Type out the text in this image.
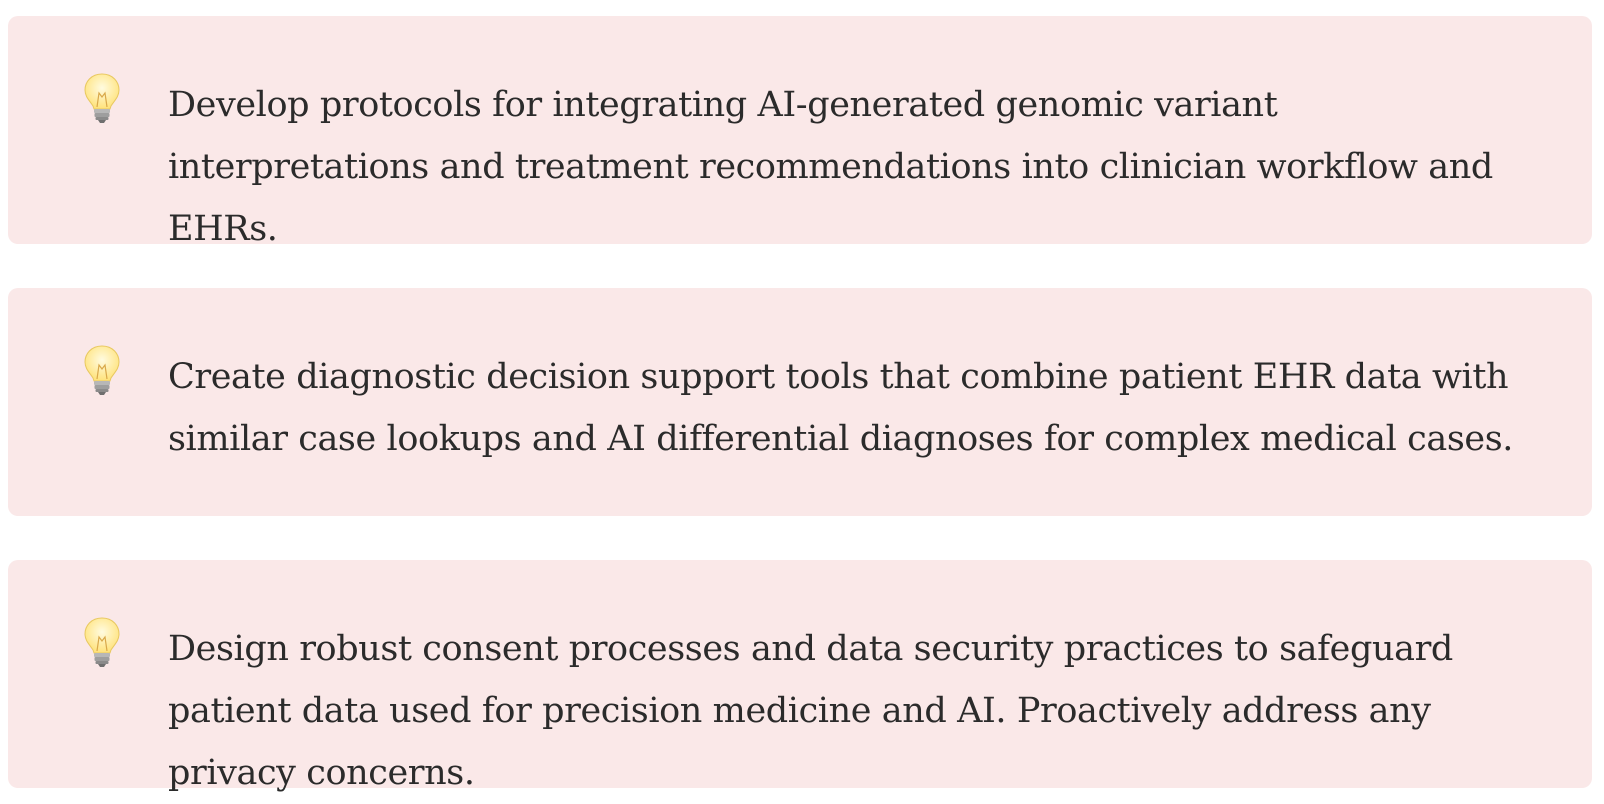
Develop protocols for integrating AI-generated genomic variant interpretations and treatment recommendations into clinician workflow and EHRs.

Create diagnostic decision support tools that combine patient EHR data with similar case lookups and AI differential diagnoses for complex medical cases.

Design robust consent processes and data security practices to safeguard patient data used for precision medicine and AI. Proactively address any privacy concerns.
